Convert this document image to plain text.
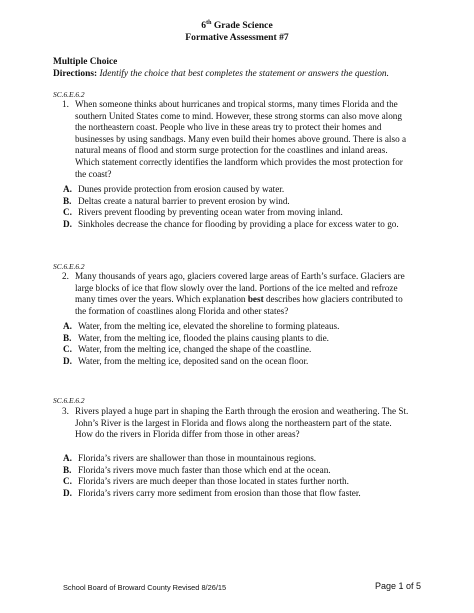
6th Grade Science
Formative Assessment #7
Multiple Choice
Directions: Identify the choice that best completes the statement or answers the question.
SC.6.E.6.2
1. When someone thinks about hurricanes and tropical storms, many times Florida and the
southern United States come to mind. However, these strong storms can also move along
the northeastern coast. People who live in these areas try to protect their homes and
businesses by using sandbags. Many even build their homes above ground. There is also a
natural means of flood and storm surge protection for the coastlines and inland areas.
Which statement correctly identifies the landform which provides the most protection for
the coast?
A. Dunes provide protection from erosion caused by water.
B. Deltas create a natural barrier to prevent erosion by wind.
C. Rivers prevent flooding by preventing ocean water from moving inland.
D. Sinkholes decrease the chance for flooding by providing a place for excess water to go.
SC.6.E.6.2
2. Many thousands of years ago, glaciers covered large areas of Earth’s surface. Glaciers are
large blocks of ice that flow slowly over the land. Portions of the ice melted and refroze
many times over the years. Which explanation best describes how glaciers contributed to
the formation of coastlines along Florida and other states?
A. Water, from the melting ice, elevated the shoreline to forming plateaus.
B. Water, from the melting ice, flooded the plains causing plants to die.
C. Water, from the melting ice, changed the shape of the coastline.
D. Water, from the melting ice, deposited sand on the ocean floor.
SC.6.E.6.2
3. Rivers played a huge part in shaping the Earth through the erosion and weathering. The St.
John’s River is the largest in Florida and flows along the northeastern part of the state.
How do the rivers in Florida differ from those in other areas?
A. Florida’s rivers are shallower than those in mountainous regions.
B. Florida’s rivers move much faster than those which end at the ocean.
C. Florida’s rivers are much deeper than those located in states further north.
D. Florida’s rivers carry more sediment from erosion than those that flow faster.
School Board of Broward County Revised 8/26/15	Page 1 of 5
